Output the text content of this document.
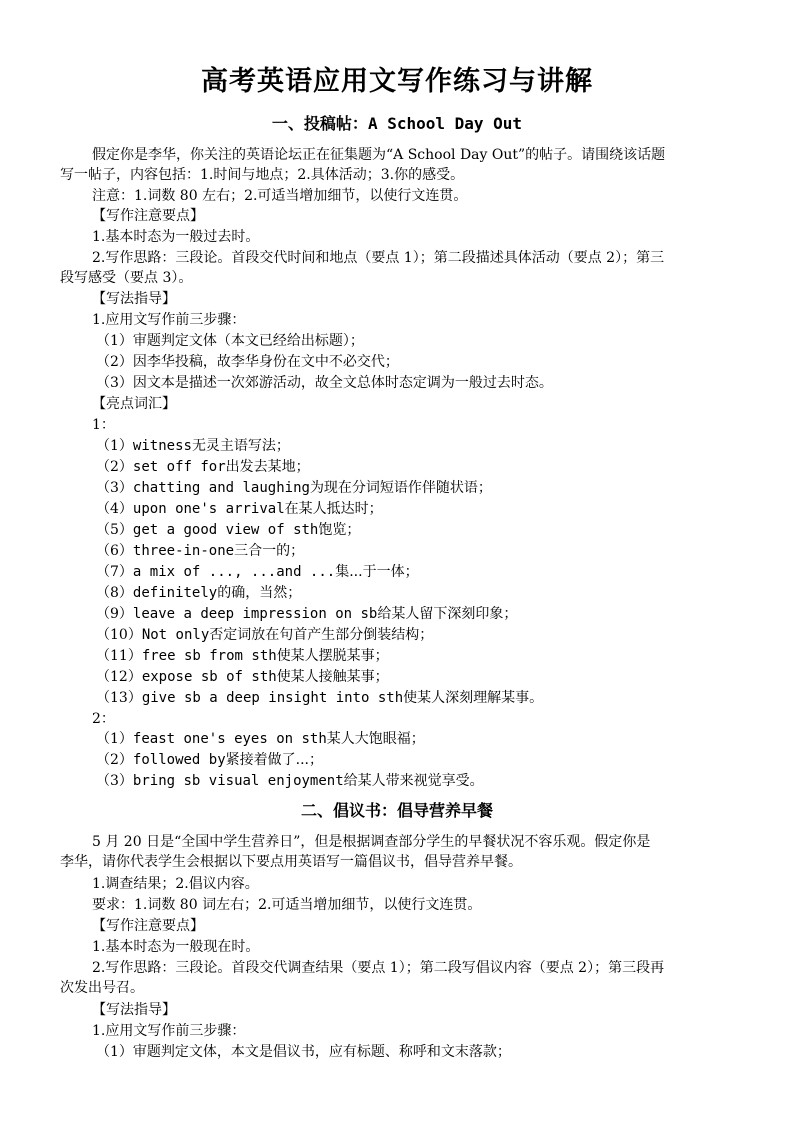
高考英语应用文写作练习与讲解
一、投稿帖：A School Day Out
假定你是李华，你关注的英语论坛正在征集题为“A School Day Out”的帖子。请围绕该话题
写一帖子，内容包括：1.时间与地点；2.具体活动；3.你的感受。
注意：1.词数 80 左右；2.可适当增加细节，以使行文连贯。
【写作注意要点】
1.基本时态为一般过去时。
2.写作思路：三段论。首段交代时间和地点（要点 1）；第二段描述具体活动（要点 2）；第三
段写感受（要点 3）。
【写法指导】
1.应用文写作前三步骤：
（1）审题判定文体（本文已经给出标题）；
（2）因李华投稿，故李华身份在文中不必交代；
（3）因文本是描述一次郊游活动，故全文总体时态定调为一般过去时态。
【亮点词汇】
1：
（1）witness无灵主语写法；
（2）set off for出发去某地；
（3）chatting and laughing为现在分词短语作伴随状语；
（4）upon one's arrival在某人抵达时；
（5）get a good view of sth饱览；
（6）three-in-one三合一的；
（7）a mix of ..., ...and ...集...于一体；
（8）definitely的确，当然；
（9）leave a deep impression on sb给某人留下深刻印象；
（10）Not only否定词放在句首产生部分倒装结构；
（11）free sb from sth使某人摆脱某事；
（12）expose sb of sth使某人接触某事；
（13）give sb a deep insight into sth使某人深刻理解某事。
2：
（1）feast one's eyes on sth某人大饱眼福；
（2）followed by紧接着做了...；
（3）bring sb visual enjoyment给某人带来视觉享受。
二、倡议书：倡导营养早餐
5 月 20 日是“全国中学生营养日”，但是根据调查部分学生的早餐状况不容乐观。假定你是
李华，请你代表学生会根据以下要点用英语写一篇倡议书，倡导营养早餐。
1.调查结果；2.倡议内容。
要求：1.词数 80 词左右；2.可适当增加细节，以使行文连贯。
【写作注意要点】
1.基本时态为一般现在时。
2.写作思路：三段论。首段交代调查结果（要点 1）；第二段写倡议内容（要点 2）；第三段再
次发出号召。
【写法指导】
1.应用文写作前三步骤：
（1）审题判定文体，本文是倡议书，应有标题、称呼和文末落款；
